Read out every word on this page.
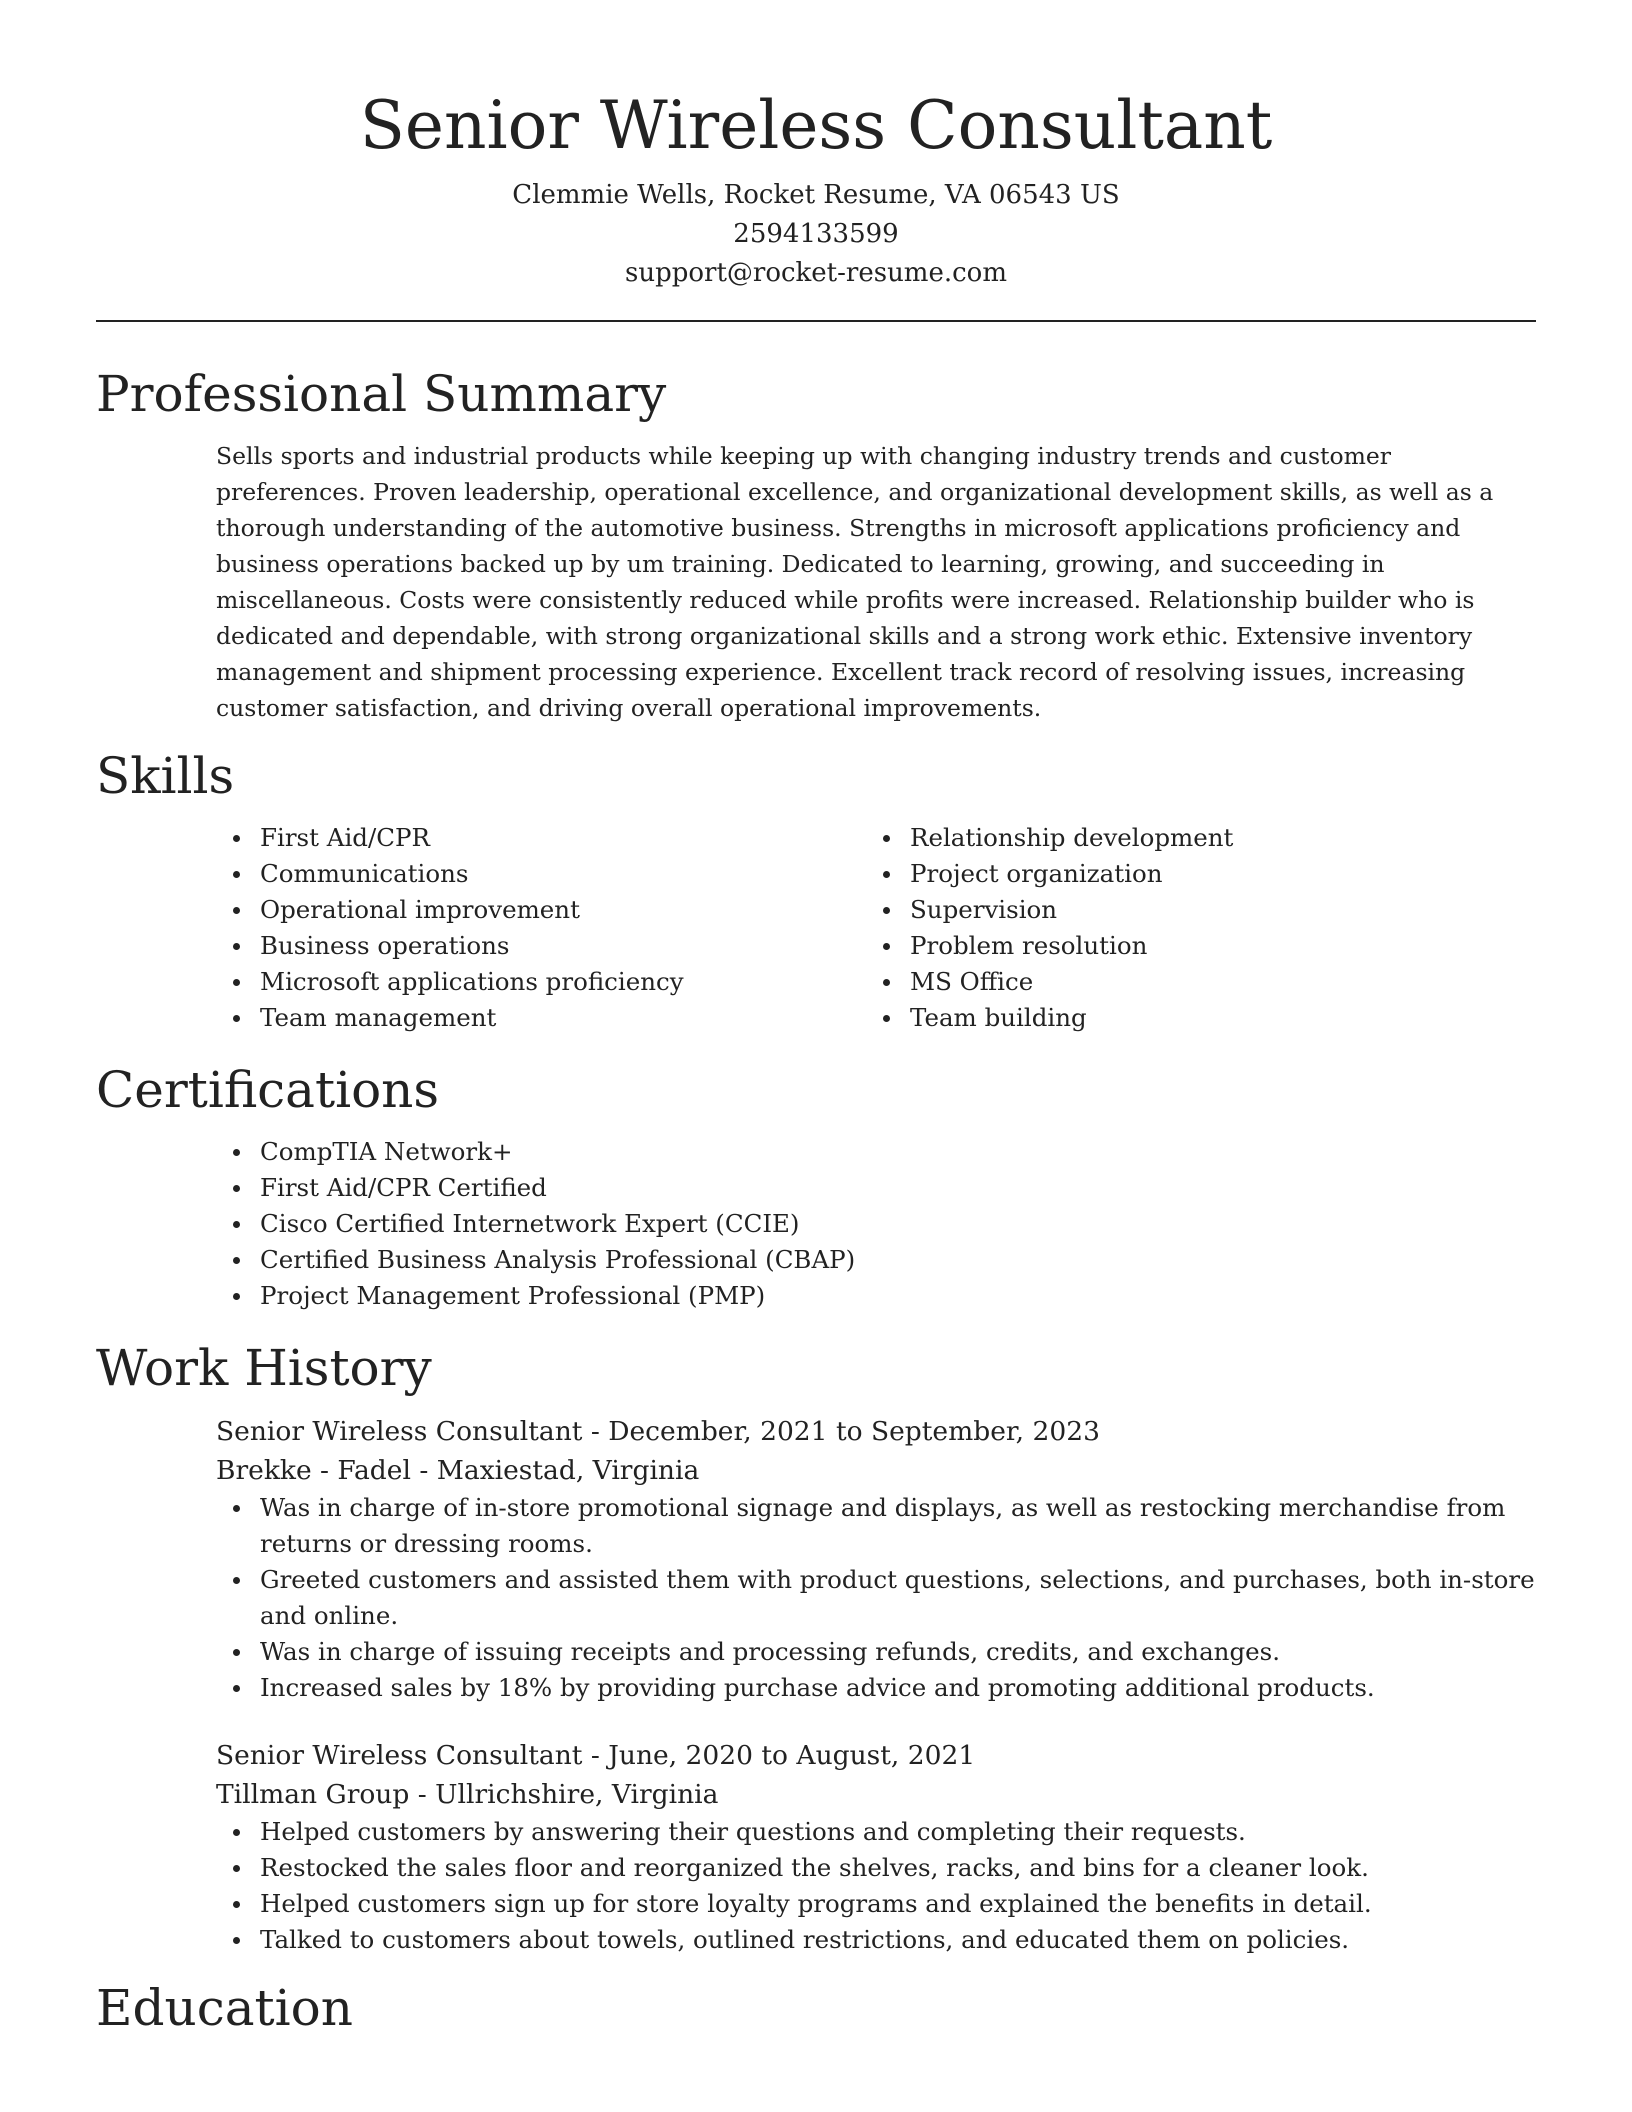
Senior Wireless Consultant
Clemmie Wells, Rocket Resume, VA 06543 US
2594133599
support@rocket-resume.com
Professional Summary
Sells sports and industrial products while keeping up with changing industry trends and customer preferences. Proven leadership, operational excellence, and organizational development skills, as well as a thorough understanding of the automotive business. Strengths in microsoft applications proficiency and business operations backed up by um training. Dedicated to learning, growing, and succeeding in miscellaneous. Costs were consistently reduced while profits were increased. Relationship builder who is dedicated and dependable, with strong organizational skills and a strong work ethic. Extensive inventory management and shipment processing experience. Excellent track record of resolving issues, increasing customer satisfaction, and driving overall operational improvements.
Skills
First Aid/CPR
Communications
Operational improvement
Business operations
Microsoft applications proficiency
Team management
Relationship development
Project organization
Supervision
Problem resolution
MS Office
Team building
Certifications
CompTIA Network+
First Aid/CPR Certified
Cisco Certified Internetwork Expert (CCIE)
Certified Business Analysis Professional (CBAP)
Project Management Professional (PMP)
Work History
Senior Wireless Consultant - December, 2021 to September, 2023
Brekke - Fadel - Maxiestad, Virginia
Was in charge of in-store promotional signage and displays, as well as restocking merchandise from returns or dressing rooms.
Greeted customers and assisted them with product questions, selections, and purchases, both in-store and online.
Was in charge of issuing receipts and processing refunds, credits, and exchanges.
Increased sales by 18% by providing purchase advice and promoting additional products.
Senior Wireless Consultant - June, 2020 to August, 2021
Tillman Group - Ullrichshire, Virginia
Helped customers by answering their questions and completing their requests.
Restocked the sales floor and reorganized the shelves, racks, and bins for a cleaner look.
Helped customers sign up for store loyalty programs and explained the benefits in detail.
Talked to customers about towels, outlined restrictions, and educated them on policies.
Education
